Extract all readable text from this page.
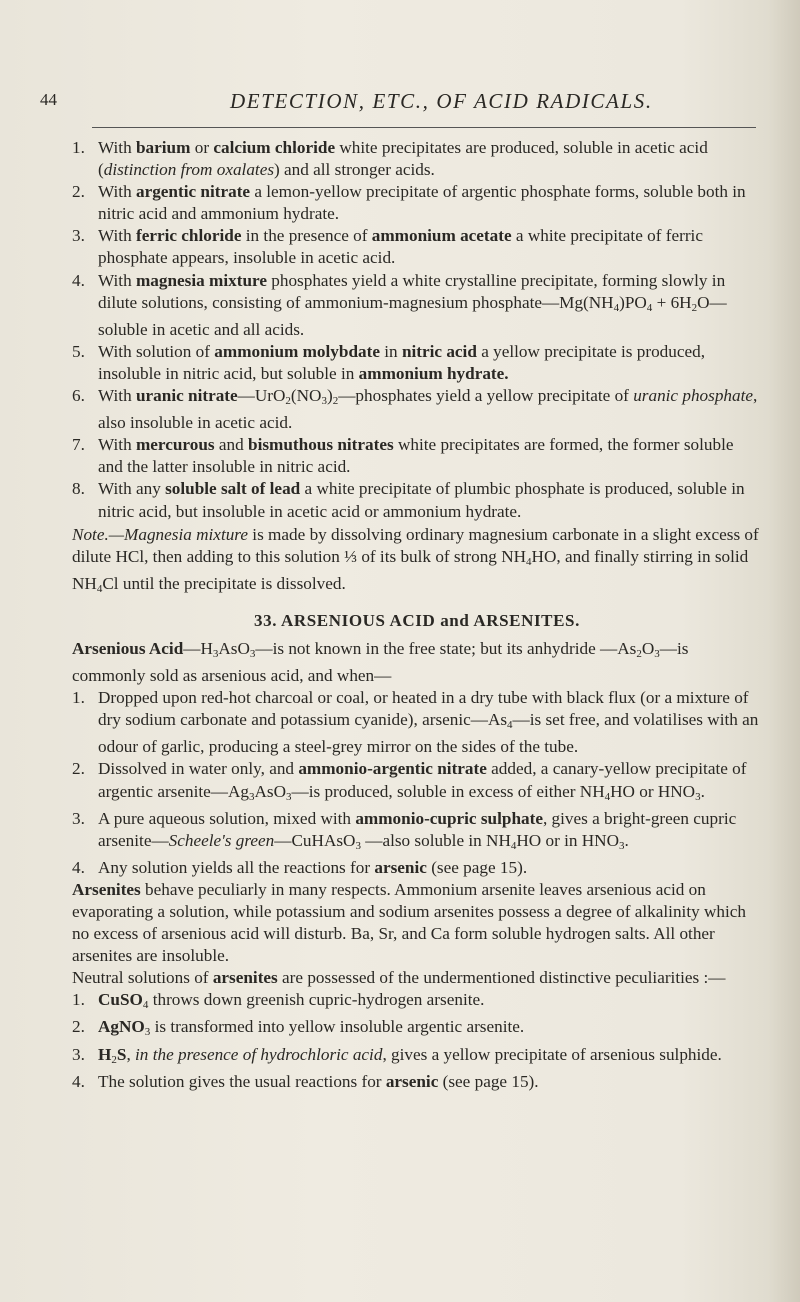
44	DETECTION, ETC., OF ACID RADICALS.
1. With barium or calcium chloride white precipitates are produced, soluble in acetic acid (distinction from oxalates) and all stronger acids.

2. With argentic nitrate a lemon-yellow precipitate of argentic phosphate forms, soluble both in nitric acid and ammonium hydrate.

3. With ferric chloride in the presence of ammonium acetate a white precipitate of ferric phosphate appears, insoluble in acetic acid.

4. With magnesia mixture phosphates yield a white crystalline precipitate, forming slowly in dilute solutions, consisting of ammonium-magnesium $phosphate—Mg(NH_4)PO_4$ + $6H_2O—soluble$ in acetic and all acids.

5. With solution of ammonium molybdate in nitric acid a yellow precipitate is produced, insoluble in nitric acid, but soluble in ammonium hydrate.

6. With uranic $nitrate—UrO_2(NO_3)_2—phosphates$ yield a yellow precipitate of uranic phosphate, also insoluble in acetic acid.

7. With mercurous and bismuthous nitrates white precipitates are formed, the former soluble and the latter insoluble in nitric acid.

8. With any soluble salt of lead a white precipitate of plumbic phosphate is produced, soluble in nitric acid, but insoluble in acetic acid or ammonium hydrate.

Note.—Magnesia mixture is made by dissolving ordinary magnesium carbonate in a slight excess of dilute HCl, then adding to this solution ⅓ of its bulk of strong $NH_4HO$, and finally stirring in solid $NH_4Cl$ until the precipitate is dissolved.

33. ARSENIOUS ACID and ARSENITES.

Arsenious $Acid—H_3AsO_3—is$ not known in the free state; but its anhydride $—As_2O_3—is$ commonly sold as arsenious acid, and when—

1. Dropped upon red-hot charcoal or coal, or heated in a dry tube with black flux (or a mixture of dry sodium carbonate and potassium cyanide), $arsenic—As_4—is$ set free, and volatilises with an odour of garlic, producing a steel-grey mirror on the sides of the tube.

2. Dissolved in water only, and ammonio-argentic nitrate added, a canary-yellow precipitate of argentic $arsenite—Ag_3AsO_3—is$ produced, soluble in excess of either $NH_4HO$ or $HNO_3$.

3. A pure aqueous solution, mixed with ammonio-cupric sulphate, gives a bright-green cupric arsenite—Scheele's green—CuHAsO$_3$ —also soluble in $NH_4HO$ or in $HNO_3$.

4. Any solution yields all the reactions for arsenic (see page 15).

Arsenites behave peculiarly in many respects. Ammonium arsenite leaves arsenious acid on evaporating a solution, while potassium and sodium arsenites possess a degree of alkalinity which no excess of arsenious acid will disturb. Ba, Sr, and Ca form soluble hydrogen salts. All other arsenites are insoluble.

Neutral solutions of arsenites are possessed of the undermentioned distinctive peculiarities :—

1. CuSO$_4$ throws down greenish cupric-hydrogen arsenite.

2. AgNO$_3$ is transformed into yellow insoluble argentic arsenite.

3. $H_2S$, in the presence of hydrochloric acid, gives a yellow precipitate of arsenious sulphide.

4. The solution gives the usual reactions for arsenic (see page 15).
